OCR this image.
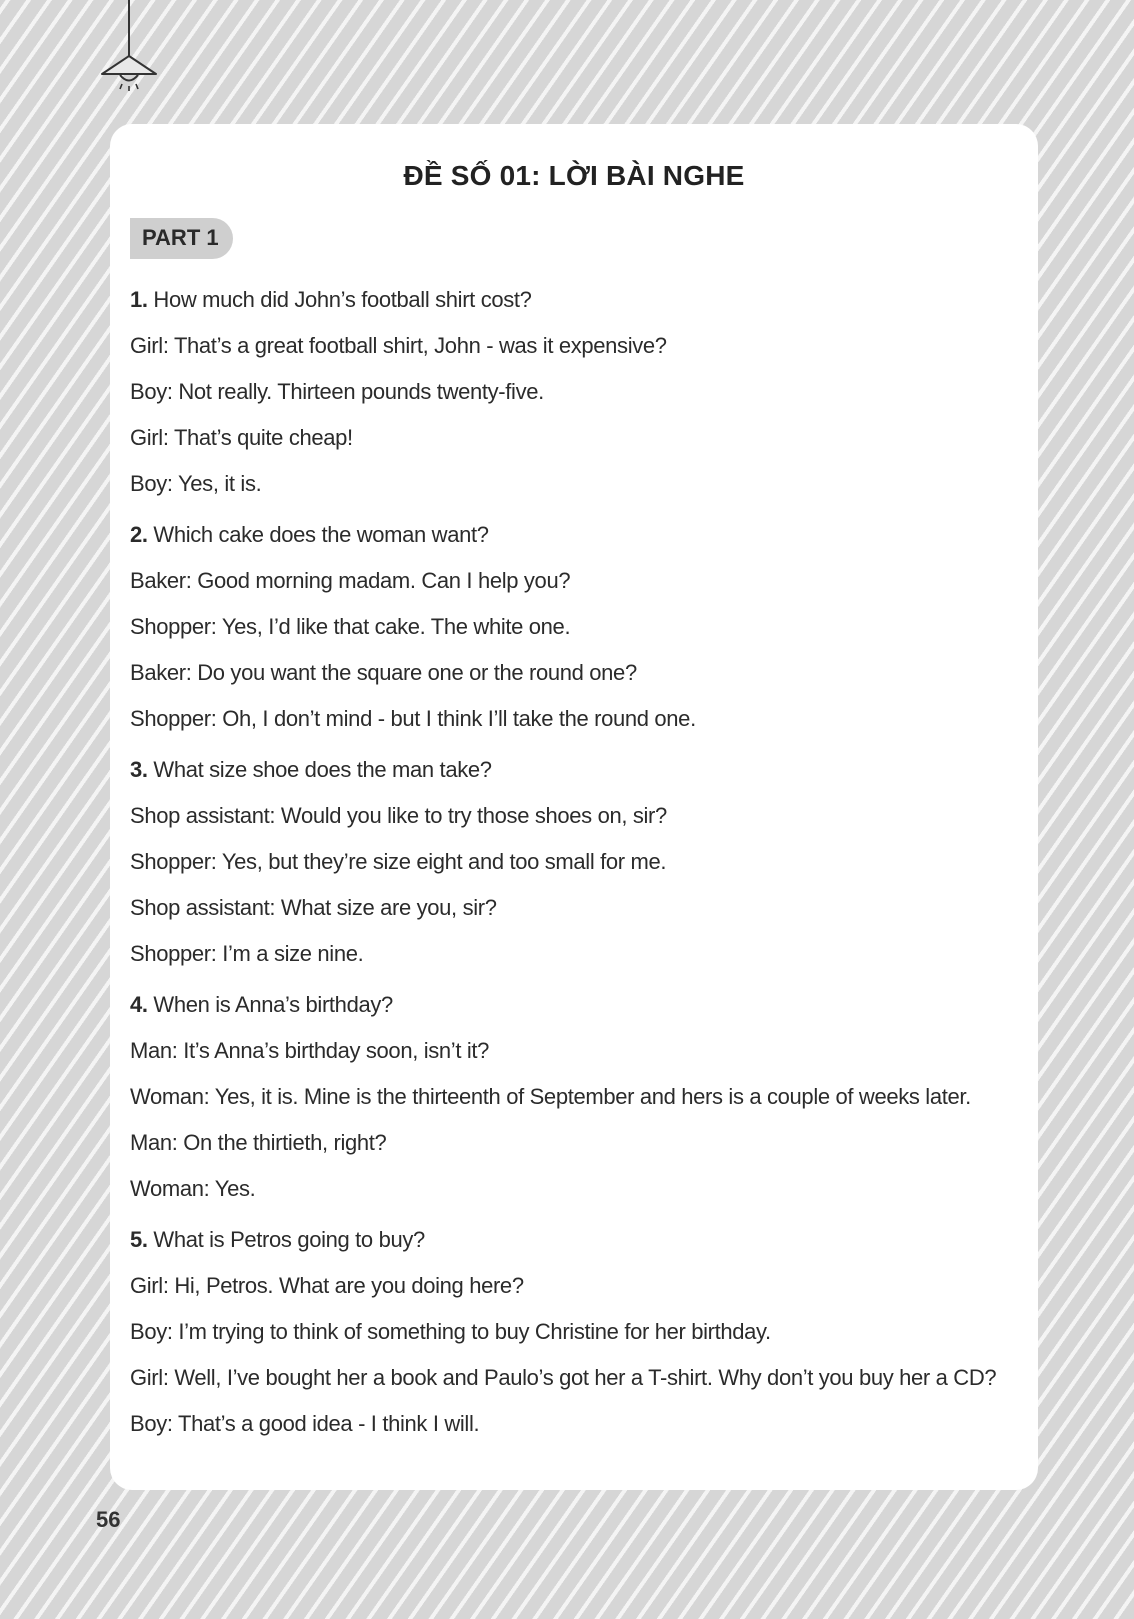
ĐỀ SỐ 01: LỜI BÀI NGHE
PART 1
1. How much did John’s football shirt cost?
Girl: That’s a great football shirt, John - was it expensive?
Boy: Not really. Thirteen pounds twenty-five.
Girl: That’s quite cheap!
Boy: Yes, it is.
2. Which cake does the woman want?
Baker: Good morning madam. Can I help you?
Shopper: Yes, I’d like that cake. The white one.
Baker: Do you want the square one or the round one?
Shopper: Oh, I don’t mind - but I think I’ll take the round one.
3. What size shoe does the man take?
Shop assistant: Would you like to try those shoes on, sir?
Shopper: Yes, but they’re size eight and too small for me.
Shop assistant: What size are you, sir?
Shopper: I’m a size nine.
4. When is Anna’s birthday?
Man: It’s Anna’s birthday soon, isn’t it?
Woman: Yes, it is. Mine is the thirteenth of September and hers is a couple of weeks later.
Man: On the thirtieth, right?
Woman: Yes.
5. What is Petros going to buy?
Girl: Hi, Petros. What are you doing here?
Boy: I’m trying to think of something to buy Christine for her birthday.
Girl: Well, I’ve bought her a book and Paulo’s got her a T-shirt. Why don’t you buy her a CD?
Boy: That’s a good idea - I think I will.
56
